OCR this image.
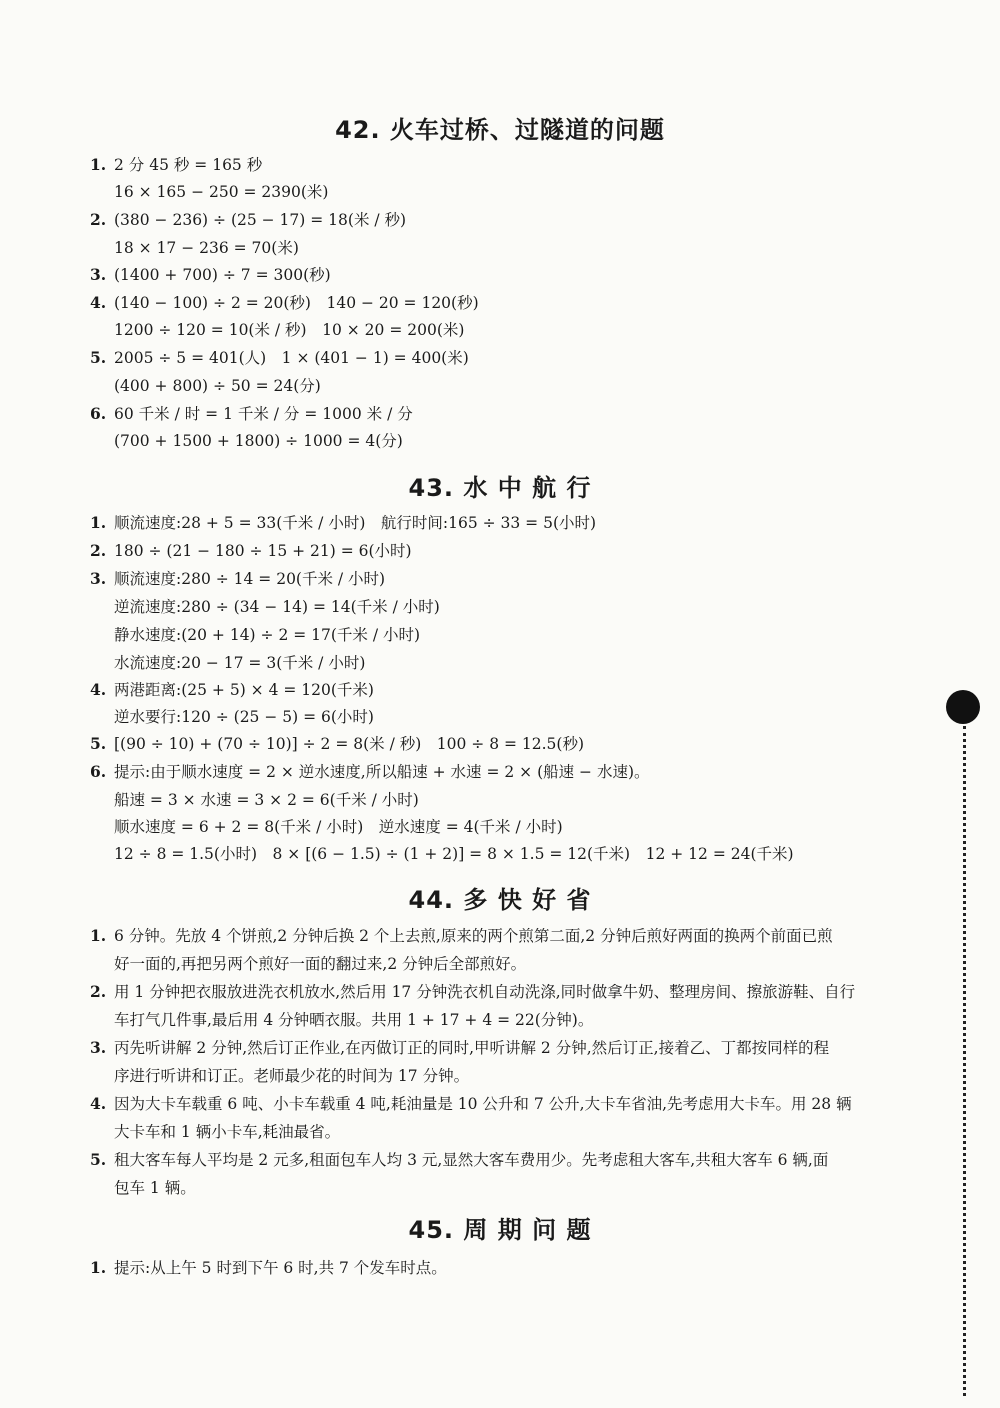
42. 火车过桥、过隧道的问题
1. 2 分 45 秒 = 165 秒
16 × 165 − 250 = 2390(米)
2. (380 − 236) ÷ (25 − 17) = 18(米 / 秒)
18 × 17 − 236 = 70(米)
3. (1400 + 700) ÷ 7 = 300(秒)
4. (140 − 100) ÷ 2 = 20(秒)　140 − 20 = 120(秒)
1200 ÷ 120 = 10(米 / 秒)　10 × 20 = 200(米)
5. 2005 ÷ 5 = 401(人)　1 × (401 − 1) = 400(米)
(400 + 800) ÷ 50 = 24(分)
6. 60 千米 / 时 = 1 千米 / 分 = 1000 米 / 分
(700 + 1500 + 1800) ÷ 1000 = 4(分)
43. 水 中 航 行
1. 顺流速度:28 + 5 = 33(千米 / 小时)　航行时间:165 ÷ 33 = 5(小时)
2. 180 ÷ (21 − 180 ÷ 15 + 21) = 6(小时)
3. 顺流速度:280 ÷ 14 = 20(千米 / 小时)
逆流速度:280 ÷ (34 − 14) = 14(千米 / 小时)
静水速度:(20 + 14) ÷ 2 = 17(千米 / 小时)
水流速度:20 − 17 = 3(千米 / 小时)
4. 两港距离:(25 + 5) × 4 = 120(千米)
逆水要行:120 ÷ (25 − 5) = 6(小时)
5. [(90 ÷ 10) + (70 ÷ 10)] ÷ 2 = 8(米 / 秒)　100 ÷ 8 = 12.5(秒)
6. 提示:由于顺水速度 = 2 × 逆水速度,所以船速 + 水速 = 2 × (船速 − 水速)。
船速 = 3 × 水速 = 3 × 2 = 6(千米 / 小时)
顺水速度 = 6 + 2 = 8(千米 / 小时)　逆水速度 = 4(千米 / 小时)
12 ÷ 8 = 1.5(小时)　8 × [(6 − 1.5) ÷ (1 + 2)] = 8 × 1.5 = 12(千米)　12 + 12 = 24(千米)
44. 多 快 好 省
1. 6 分钟。先放 4 个饼煎,2 分钟后换 2 个上去煎,原来的两个煎第二面,2 分钟后煎好两面的换两个前面已煎
好一面的,再把另两个煎好一面的翻过来,2 分钟后全部煎好。
2. 用 1 分钟把衣服放进洗衣机放水,然后用 17 分钟洗衣机自动洗涤,同时做拿牛奶、整理房间、擦旅游鞋、自行
车打气几件事,最后用 4 分钟晒衣服。共用 1 + 17 + 4 = 22(分钟)。
3. 丙先听讲解 2 分钟,然后订正作业,在丙做订正的同时,甲听讲解 2 分钟,然后订正,接着乙、丁都按同样的程
序进行听讲和订正。老师最少花的时间为 17 分钟。
4. 因为大卡车载重 6 吨、小卡车载重 4 吨,耗油量是 10 公升和 7 公升,大卡车省油,先考虑用大卡车。用 28 辆
大卡车和 1 辆小卡车,耗油最省。
5. 租大客车每人平均是 2 元多,租面包车人均 3 元,显然大客车费用少。先考虑租大客车,共租大客车 6 辆,面
包车 1 辆。
45. 周 期 问 题
1. 提示:从上午 5 时到下午 6 时,共 7 个发车时点。
